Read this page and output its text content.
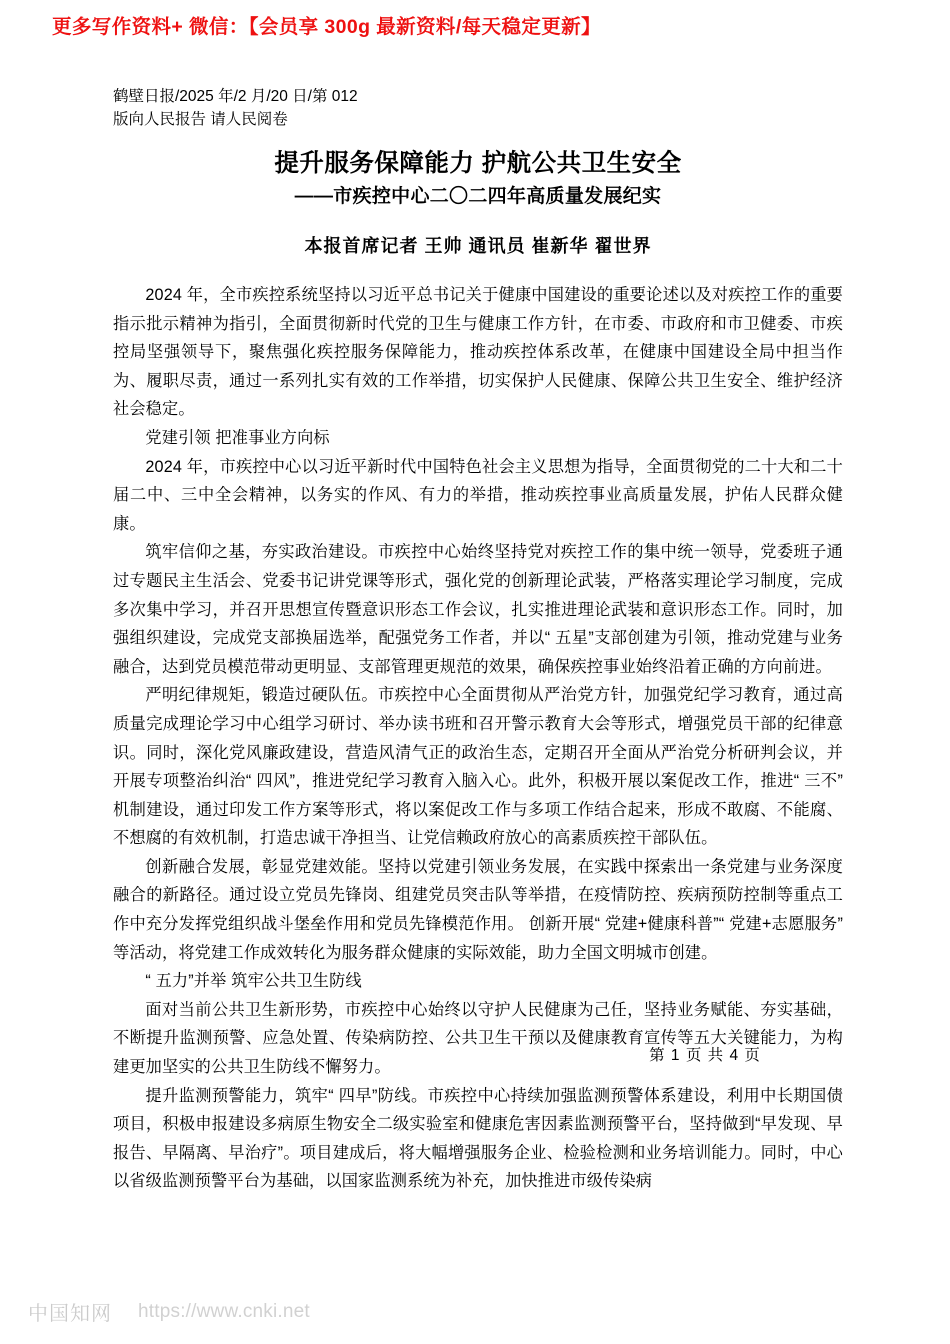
更多写作资料+ 微信：【会员享 300g 最新资料/每天稳定更新】

鹤壁日报/2025 年/2 月/20 日/第 012

版向人民报告 请人民阅卷

提升服务保障能力 护航公共卫生安全
——市疾控中心二〇二四年高质量发展纪实

本报首席记者 王帅 通讯员 崔新华 翟世界

2024 年，全市疾控系统坚持以习近平总书记关于健康中国建设的重要论述以及对疾控工作的重要指示批示精神为指引，全面贯彻新时代党的卫生与健康工作方针，在市委、市政府和市卫健委、市疾控局坚强领导下，聚焦强化疾控服务保障能力，推动疾控体系改革，在健康中国建设全局中担当作为、履职尽责，通过一系列扎实有效的工作举措，切实保护人民健康、保障公共卫生安全、维护经济社会稳定。

党建引领 把准事业方向标

2024 年，市疾控中心以习近平新时代中国特色社会主义思想为指导，全面贯彻党的二十大和二十届二中、三中全会精神，以务实的作风、有力的举措，推动疾控事业高质量发展，护佑人民群众健康。

筑牢信仰之基，夯实政治建设。市疾控中心始终坚持党对疾控工作的集中统一领导，党委班子通过专题民主生活会、党委书记讲党课等形式，强化党的创新理论武装，严格落实理论学习制度，完成多次集中学习，并召开思想宣传暨意识形态工作会议，扎实推进理论武装和意识形态工作。同时，加强组织建设，完成党支部换届选举，配强党务工作者，并以“ 五星”支部创建为引领，推动党建与业务融合，达到党员模范带动更明显、支部管理更规范的效果，确保疾控事业始终沿着正确的方向前进。

严明纪律规矩，锻造过硬队伍。市疾控中心全面贯彻从严治党方针，加强党纪学习教育，通过高质量完成理论学习中心组学习研讨、举办读书班和召开警示教育大会等形式，增强党员干部的纪律意识。同时，深化党风廉政建设，营造风清气正的政治生态，定期召开全面从严治党分析研判会议，并开展专项整治纠治“ 四风”，推进党纪学习教育入脑入心。此外，积极开展以案促改工作，推进“ 三不”机制建设，通过印发工作方案等形式，将以案促改工作与多项工作结合起来，形成不敢腐、不能腐、不想腐的有效机制，打造忠诚干净担当、让党信赖政府放心的高素质疾控干部队伍。

创新融合发展，彰显党建效能。坚持以党建引领业务发展，在实践中探索出一条党建与业务深度融合的新路径。通过设立党员先锋岗、组建党员突击队等举措，在疫情防控、疾病预防控制等重点工作中充分发挥党组织战斗堡垒作用和党员先锋模范作用。 创新开展“ 党建+健康科普”“ 党建+志愿服务”等活动，将党建工作成效转化为服务群众健康的实际效能，助力全国文明城市创建。

“ 五力”并举 筑牢公共卫生防线

面对当前公共卫生新形势，市疾控中心始终以守护人民健康为己任，坚持业务赋能、夯实基础，不断提升监测预警、应急处置、传染病防控、公共卫生干预以及健康教育宣传等五大关键能力，为构建更加坚实的公共卫生防线不懈努力。

提升监测预警能力，筑牢“ 四早”防线。市疾控中心持续加强监测预警体系建设，利用中长期国债项目，积极申报建设多病原生物安全二级实验室和健康危害因素监测预警平台，坚持做到“早发现、早报告、早隔离、早治疗”。项目建成后，将大幅增强服务企业、检验检测和业务培训能力。同时，中心以省级监测预警平台为基础，以国家监测系统为补充，加快推进市级传染病

第 1 页 共 4 页
中国知网 https://www.cnki.net
